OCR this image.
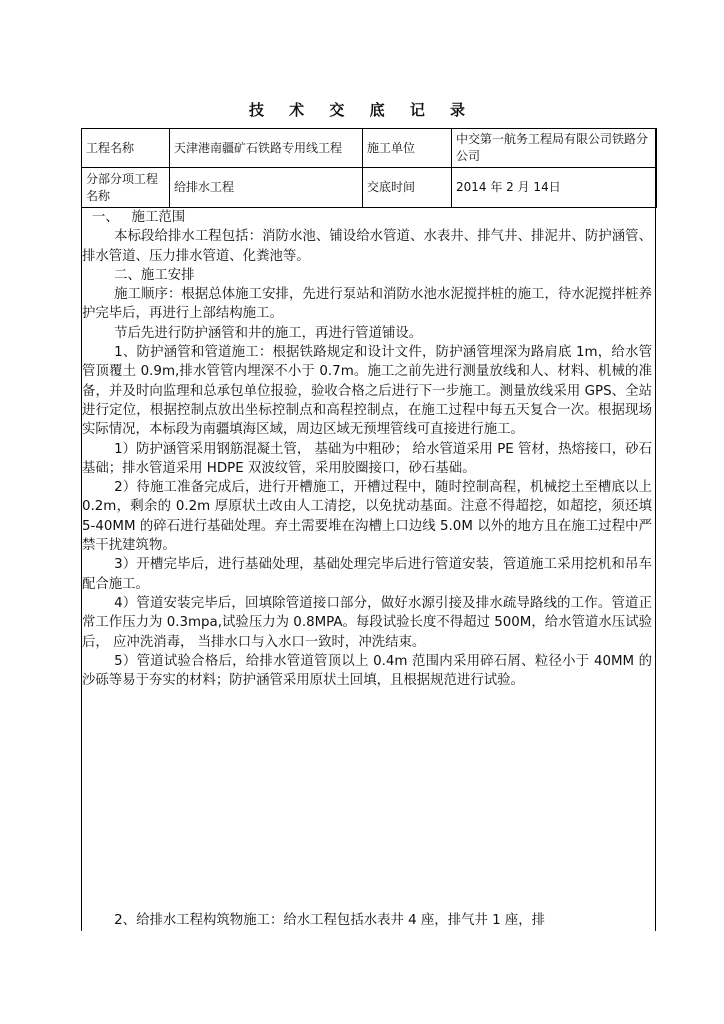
技 术 交 底 记 录
工程名称	天津港南疆矿石铁路专用线工程	施工单位	中交第一航务工程局有限公司铁路分公司
分部分项工程名称	给排水工程	交底时间	2014 年 2 月 14日

一、   施工范围

本标段给排水工程包括：消防水池、铺设给水管道、水表井、排气井、排泥井、防护涵管、排水管道、压力排水管道、化粪池等。

二、施工安排

施工顺序：根据总体施工安排，先进行泵站和消防水池水泥搅拌桩的施工，待水泥搅拌桩养护完毕后，再进行上部结构施工。

节后先进行防护涵管和井的施工，再进行管道铺设。

1、防护涵管和管道施工：根据铁路规定和设计文件，防护涵管埋深为路肩底 1m，给水管管顶覆土 0.9m,排水管管内埋深不小于 0.7m。施工之前先进行测量放线和人、材料、机械的准备，并及时向监理和总承包单位报验，验收合格之后进行下一步施工。测量放线采用 GPS、全站进行定位，根据控制点放出坐标控制点和高程控制点，在施工过程中每五天复合一次。根据现场实际情况，本标段为南疆填海区域，周边区域无预埋管线可直接进行施工。

1）防护涵管采用钢筋混凝土管， 基础为中粗砂； 给水管道采用 PE 管材，热熔接口，砂石基础；排水管道采用 HDPE 双波纹管，采用胶圈接口，砂石基础。

2）待施工准备完成后，进行开槽施工，开槽过程中，随时控制高程，机械挖土至槽底以上 0.2m，剩余的 0.2m 厚原状土改由人工清挖，以免扰动基面。注意不得超挖，如超挖，须还填 5-40MM 的碎石进行基础处理。弃土需要堆在沟槽上口边线 5.0M 以外的地方且在施工过程中严禁干扰建筑物。

3）开槽完毕后，进行基础处理，基础处理完毕后进行管道安装，管道施工采用挖机和吊车配合施工。

4）管道安装完毕后，回填除管道接口部分，做好水源引接及排水疏导路线的工作。管道正常工作压力为 0.3mpa,试验压力为 0.8MPA。每段试验长度不得超过 500M，给水管道水压试验后， 应冲洗消毒， 当排水口与入水口一致时，冲洗结束。

5）管道试验合格后，给排水管道管顶以上 0.4m 范围内采用碎石屑、粒径小于 40MM 的沙砾等易于夯实的材料；防护涵管采用原状土回填，且根据规范进行试验。

2、给排水工程构筑物施工：给水工程包括水表井 4 座，排气井 1 座，排
